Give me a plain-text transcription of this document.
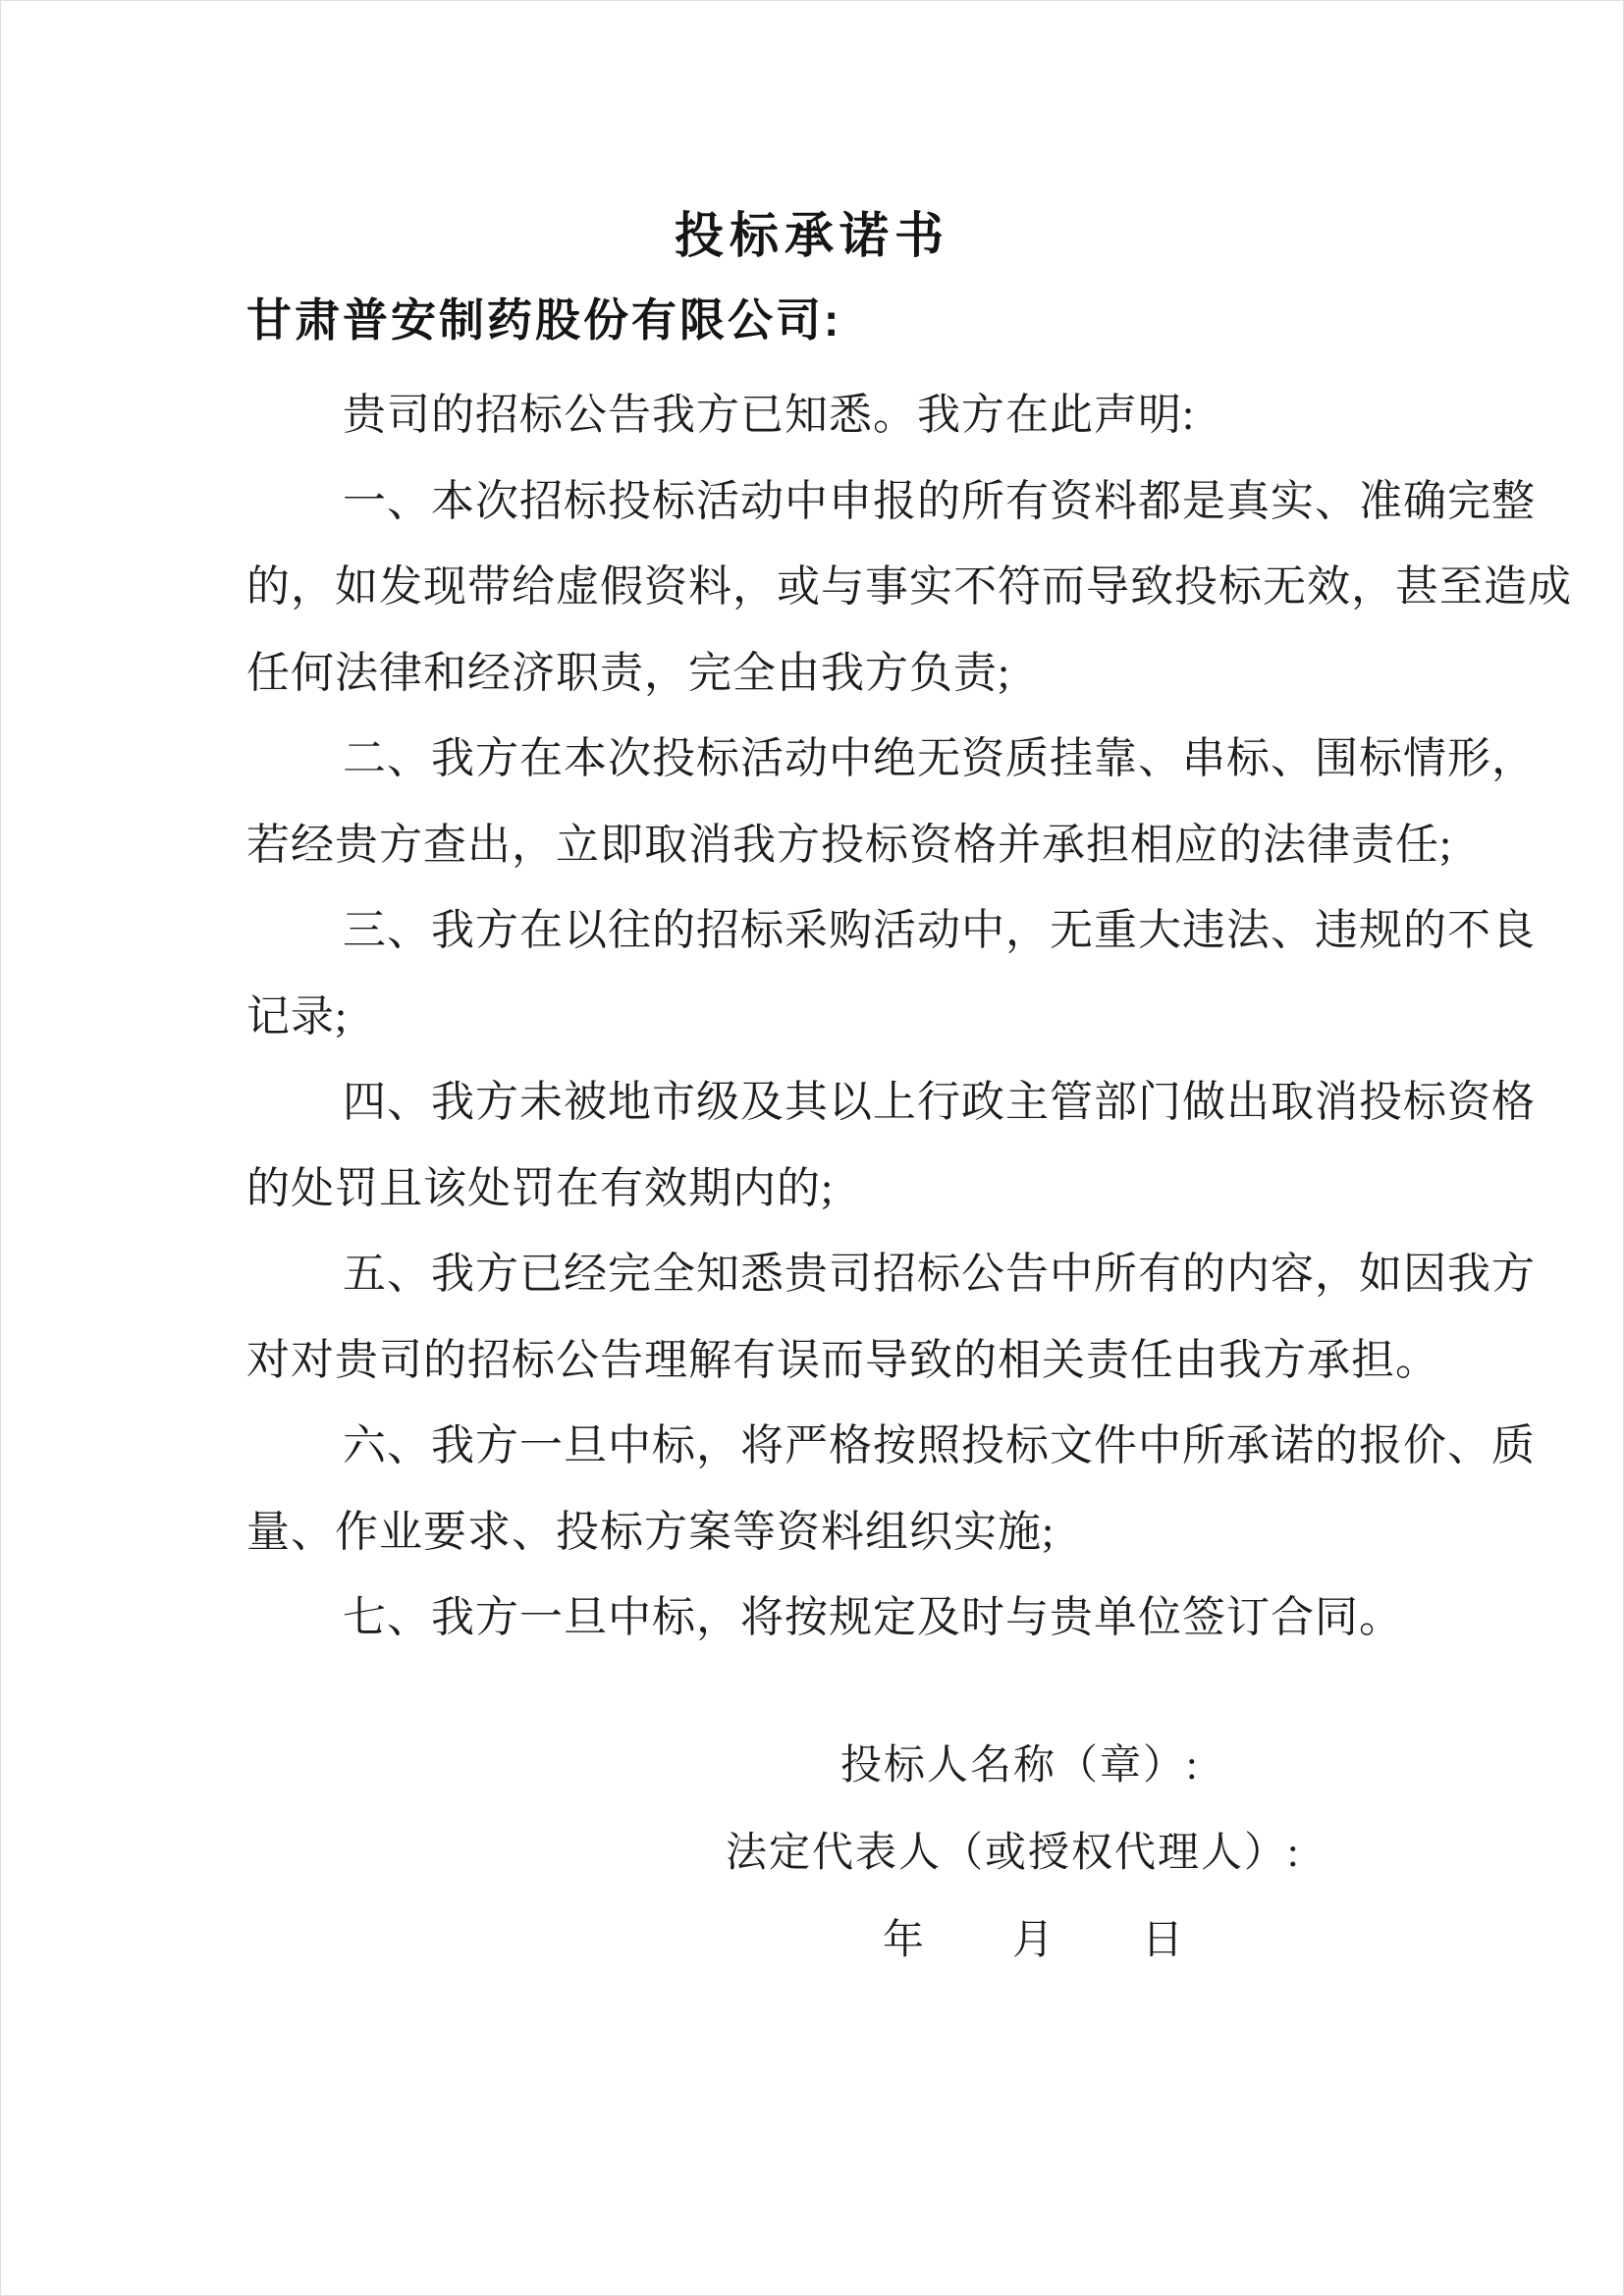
投标承诺书
甘肃普安制药股份有限公司:
贵司的招标公告我方已知悉。我方在此声明:
一、本次招标投标活动中申报的所有资料都是真实、准确完整
的，如发现带给虚假资料，或与事实不符而导致投标无效，甚至造成
任何法律和经济职责，完全由我方负责;
二、我方在本次投标活动中绝无资质挂靠、串标、围标情形，
若经贵方查出，立即取消我方投标资格并承担相应的法律责任;
三、我方在以往的招标采购活动中，无重大违法、违规的不良
记录;
四、我方未被地市级及其以上行政主管部门做出取消投标资格
的处罚且该处罚在有效期内的;
五、我方已经完全知悉贵司招标公告中所有的内容，如因我方
对对贵司的招标公告理解有误而导致的相关责任由我方承担。
六、我方一旦中标，将严格按照投标文件中所承诺的报价、质
量、作业要求、投标方案等资料组织实施;
七、我方一旦中标，将按规定及时与贵单位签订合同。
投标人名称（章）:
法定代表人（或授权代理人）:
年　　月　　日
